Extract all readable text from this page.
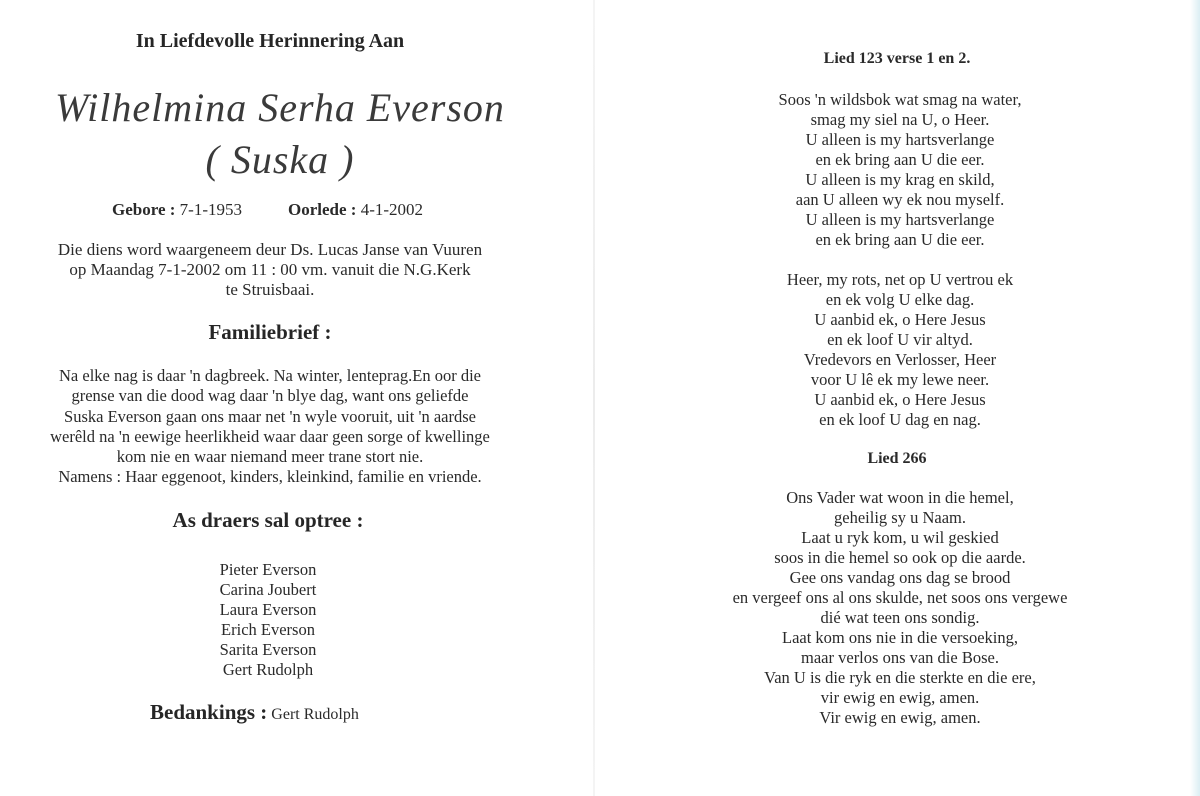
In Liefdevolle Herinnering Aan
Wilhelmina Serha Everson
( Suska )
Gebore : 7-1-1953	Oorlede : 4-1-2002
Die diens word waargeneem deur Ds. Lucas Janse van Vuuren
op Maandag 7-1-2002 om 11 : 00 vm. vanuit die N.G.Kerk
te Struisbaai.
Familiebrief :
Na elke nag is daar 'n dagbreek. Na winter, lenteprag.En oor die
grense van die dood wag daar 'n blye dag, want ons geliefde
Suska Everson gaan ons maar net 'n wyle vooruit, uit 'n aardse
werêld na 'n eewige heerlikheid waar daar geen sorge of kwellinge
kom nie en waar niemand meer trane stort nie.
Namens : Haar eggenoot, kinders, kleinkind, familie en vriende.
As draers sal optree :
Pieter Everson
Carina Joubert
Laura Everson
Erich Everson
Sarita Everson
Gert Rudolph
Bedankings : Gert Rudolph
Lied 123 verse 1 en 2.
Soos 'n wildsbok wat smag na water,
smag my siel na U, o Heer.
U alleen is my hartsverlange
en ek bring aan U die eer.
U alleen is my krag en skild,
aan U alleen wy ek nou myself.
U alleen is my hartsverlange
en ek bring aan U die eer.
Heer, my rots, net op U vertrou ek
en ek volg U elke dag.
U aanbid ek, o Here Jesus
en ek loof U vir altyd.
Vredevors en Verlosser, Heer
voor U lê ek my lewe neer.
U aanbid ek, o Here Jesus
en ek loof U dag en nag.
Lied 266
Ons Vader wat woon in die hemel,
geheilig sy u Naam.
Laat u ryk kom, u wil geskied
soos in die hemel so ook op die aarde.
Gee ons vandag ons dag se brood
en vergeef ons al ons skulde, net soos ons vergewe
dié wat teen ons sondig.
Laat kom ons nie in die versoeking,
maar verlos ons van die Bose.
Van U is die ryk en die sterkte en die ere,
vir ewig en ewig, amen.
Vir ewig en ewig, amen.
